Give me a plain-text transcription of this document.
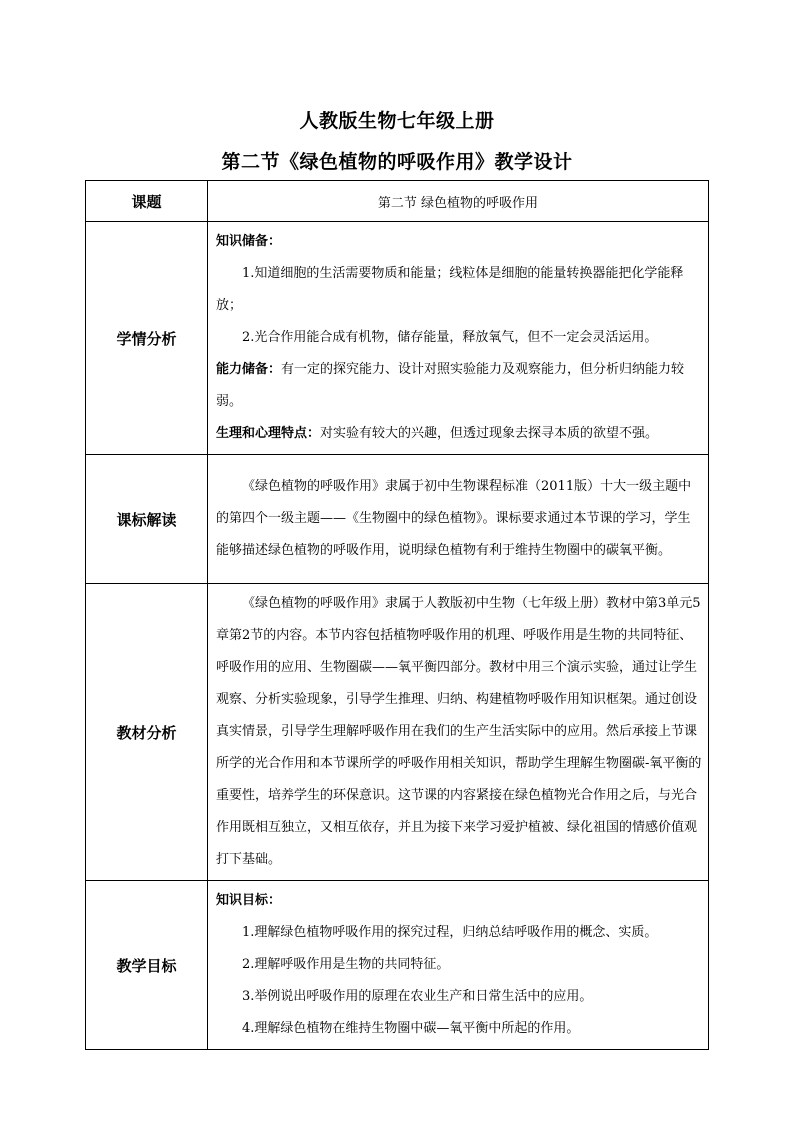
人教版生物七年级上册
第二节《绿色植物的呼吸作用》教学设计
课题	第二节 绿色植物的呼吸作用
学情分析	知识储备：

1.知道细胞的生活需要物质和能量；线粒体是细胞的能量转换器能把化学能释放；

2.光合作用能合成有机物，储存能量，释放氧气，但不一定会灵活运用。

能力储备：有一定的探究能力、设计对照实验能力及观察能力，但分析归纳能力较弱。

生理和心理特点：对实验有较大的兴趣，但透过现象去探寻本质的欲望不强。

课标解读	《绿色植物的呼吸作用》隶属于初中生物课程标准（2011版）十大一级主题中的第四个一级主题——《生物圈中的绿色植物》。课标要求通过本节课的学习，学生能够描述绿色植物的呼吸作用，说明绿色植物有利于维持生物圈中的碳氧平衡。

教材分析	《绿色植物的呼吸作用》隶属于人教版初中生物（七年级上册）教材中第3单元5章第2节的内容。本节内容包括植物呼吸作用的机理、呼吸作用是生物的共同特征、呼吸作用的应用、生物圈碳——氧平衡四部分。教材中用三个演示实验，通过让学生观察、分析实验现象，引导学生推理、归纳、构建植物呼吸作用知识框架。通过创设真实情景，引导学生理解呼吸作用在我们的生产生活实际中的应用。然后承接上节课所学的光合作用和本节课所学的呼吸作用相关知识，帮助学生理解生物圈碳-氧平衡的重要性，培养学生的环保意识。这节课的内容紧接在绿色植物光合作用之后，与光合作用既相互独立，又相互依存，并且为接下来学习爱护植被、绿化祖国的情感价值观打下基础。

教学目标	知识目标：

1.理解绿色植物呼吸作用的探究过程，归纳总结呼吸作用的概念、实质。

2.理解呼吸作用是生物的共同特征。

3.举例说出呼吸作用的原理在农业生产和日常生活中的应用。

4.理解绿色植物在维持生物圈中碳—氧平衡中所起的作用。
